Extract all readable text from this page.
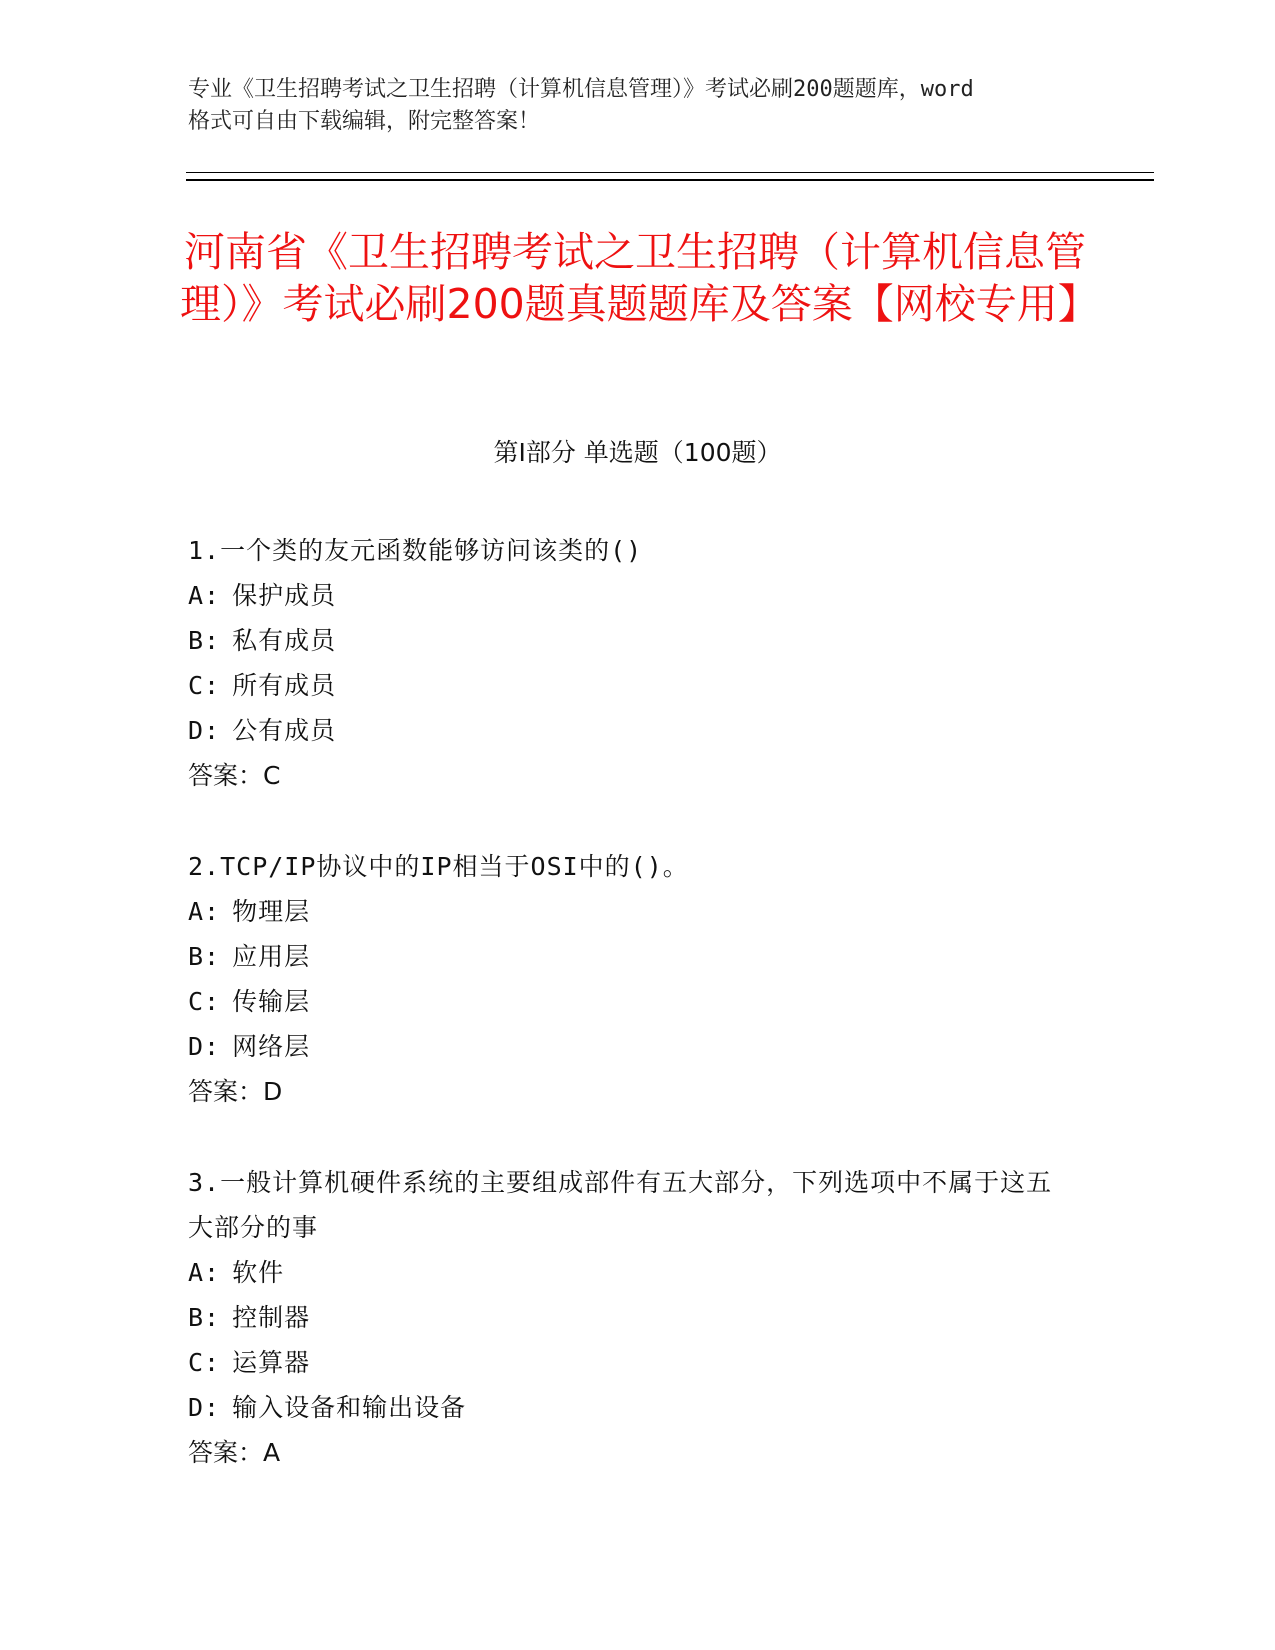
专业《卫生招聘考试之卫生招聘（计算机信息管理）》考试必刷200题题库，word
格式可自由下载编辑，附完整答案！
河南省《卫生招聘考试之卫生招聘（计算机信息管理）》考试必刷200题真题题库及答案【网校专用】
第Ⅰ部分 单选题（100题）
1.一个类的友元函数能够访问该类的()
A: 保护成员
B: 私有成员
C: 所有成员
D: 公有成员
答案：C
2.TCP/IP协议中的IP相当于OSI中的()。
A: 物理层
B: 应用层
C: 传输层
D: 网络层
答案：D
3.一般计算机硬件系统的主要组成部件有五大部分，下列选项中不属于这五大部分的事
A: 软件
B: 控制器
C: 运算器
D: 输入设备和输出设备
答案：A
